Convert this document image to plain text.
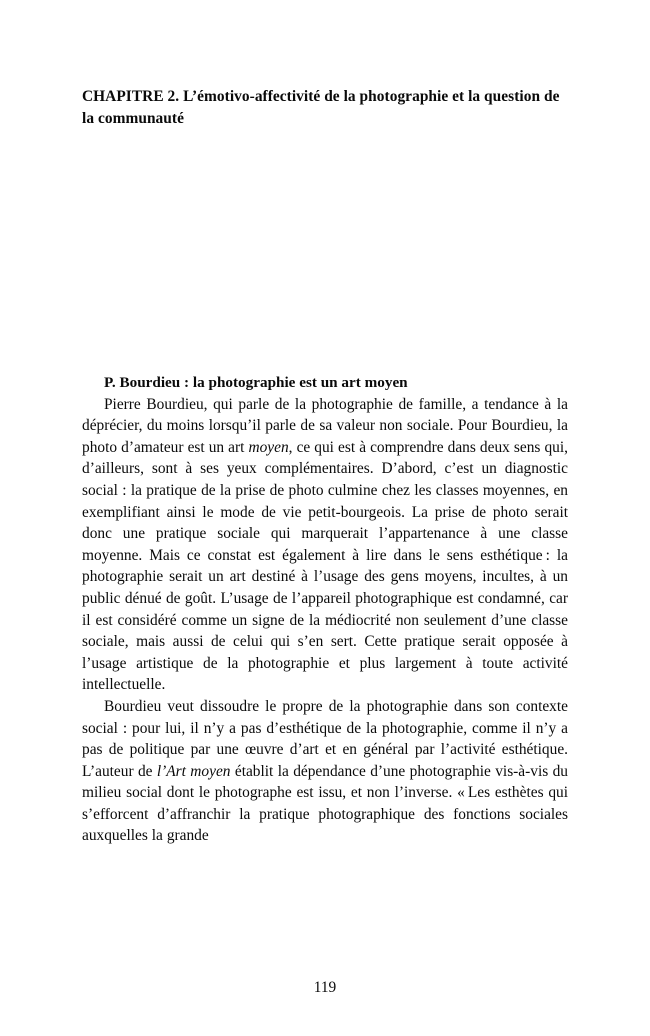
CHAPITRE 2. L’émotivo-affectivité de la photographie et la question de la communauté
P. Bourdieu : la photographie est un art moyen

Pierre Bourdieu, qui parle de la photographie de famille, a tendance à la déprécier, du moins lorsqu’il parle de sa valeur non sociale. Pour Bourdieu, la photo d’amateur est un art moyen, ce qui est à comprendre dans deux sens qui, d’ailleurs, sont à ses yeux complémentaires. D’abord, c’est un diagnostic social : la pratique de la prise de photo culmine chez les classes moyennes, en exemplifiant ainsi le mode de vie petit-bourgeois. La prise de photo serait donc une pratique sociale qui marquerait l’appartenance à une classe moyenne. Mais ce constat est également à lire dans le sens esthétique : la photographie serait un art destiné à l’usage des gens moyens, incultes, à un public dénué de goût. L’usage de l’appareil photographique est condamné, car il est considéré comme un signe de la médiocrité non seulement d’une classe sociale, mais aussi de celui qui s’en sert. Cette pratique serait opposée à l’usage artistique de la photographie et plus largement à toute activité intellectuelle.

Bourdieu veut dissoudre le propre de la photographie dans son contexte social : pour lui, il n’y a pas d’esthétique de la photographie, comme il n’y a pas de politique par une œuvre d’art et en général par l’activité esthétique. L’auteur de l’Art moyen établit la dépendance d’une photographie vis-à-vis du milieu social dont le photographe est issu, et non l’inverse. « Les esthètes qui s’efforcent d’affranchir la pratique photographique des fonctions sociales auxquelles la grande

119
